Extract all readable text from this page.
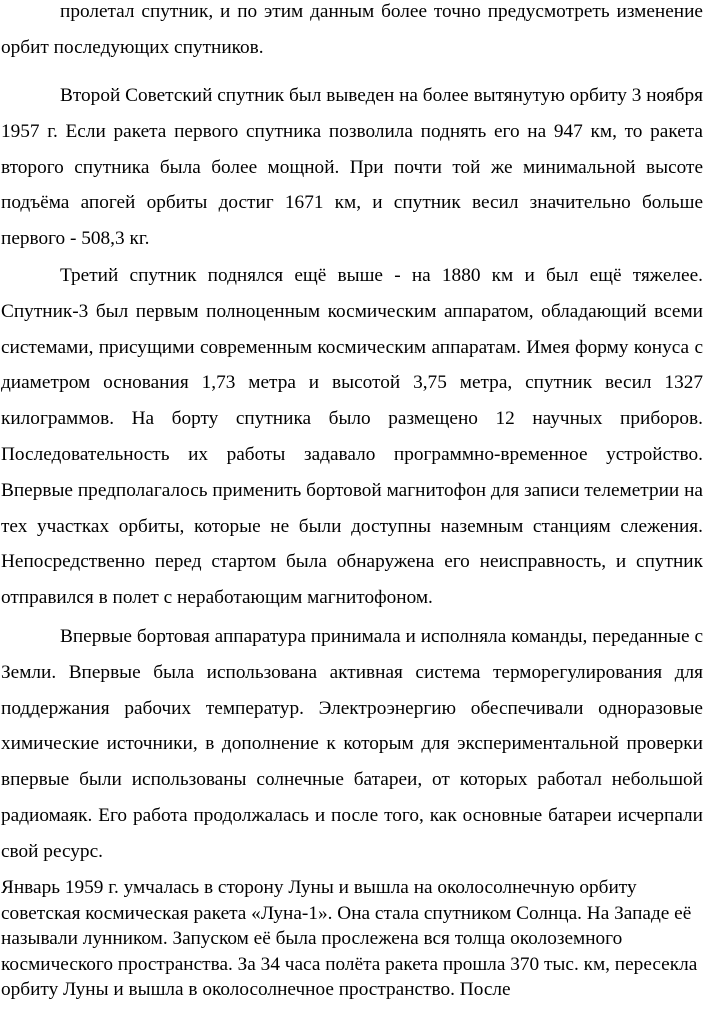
пролетал спутник, и по этим данным более точно предусмотреть изменение орбит последующих спутников.

Второй Советский спутник был выведен на более вытянутую орбиту 3 ноября 1957 г. Если ракета первого спутника позволила поднять его на 947 км, то ракета второго спутника была более мощной. При почти той же минимальной высоте подъёма апогей орбиты достиг 1671 км, и спутник весил значительно больше первого - 508,3 кг.

Третий спутник поднялся ещё выше - на 1880 км и был ещё тяжелее. Спутник-3 был первым полноценным космическим аппаратом, обладающий всеми системами, присущими современным космическим аппаратам. Имея форму конуса с диаметром основания 1,73 метра и высотой 3,75 метра, спутник весил 1327 килограммов. На борту спутника было размещено 12 научных приборов. Последовательность их работы задавало программно-временное устройство. Впервые предполагалось применить бортовой магнитофон для записи телеметрии на тех участках орбиты, которые не были доступны наземным станциям слежения. Непосредственно перед стартом была обнаружена его неисправность, и спутник отправился в полет с неработающим магнитофоном.

Впервые бортовая аппаратура принимала и исполняла команды, переданные с Земли. Впервые была использована активная система терморегулирования для поддержания рабочих температур. Электроэнергию обеспечивали одноразовые химические источники, в дополнение к которым для экспериментальной проверки впервые были использованы солнечные батареи, от которых работал небольшой радиомаяк. Его работа продолжалась и после того, как основные батареи исчерпали свой ресурс.

Январь 1959 г. умчалась в сторону Луны и вышла на околосолнечную орбиту советская космическая ракета «Луна-1». Она стала спутником Солнца. На Западе её называли лунником. Запуском её была прослежена вся толща околоземного космического пространства. За 34 часа полёта ракета прошла 370 тыс. км, пересекла орбиту Луны и вышла в околосолнечное пространство. После
